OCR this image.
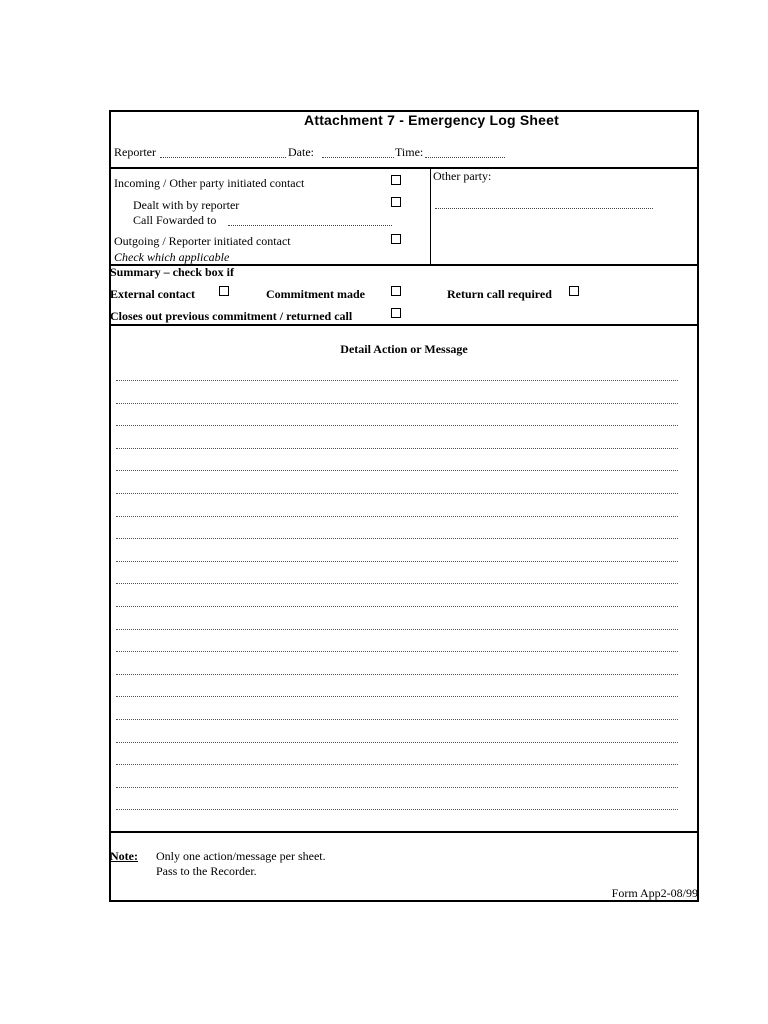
Attachment 7 - Emergency Log Sheet
Reporter	Date:	Time:
Incoming / Other party initiated contact
Dealt with by reporter
Call Fowarded to
Outgoing / Reporter initiated contact
Check which applicable
Other party:
Summary – check box if
External contact	Commitment made	Return call required
Closes out previous commitment / returned call
Detail Action or Message
Note: Only one action/message per sheet.
Pass to the Recorder.
Form App2-08/99
